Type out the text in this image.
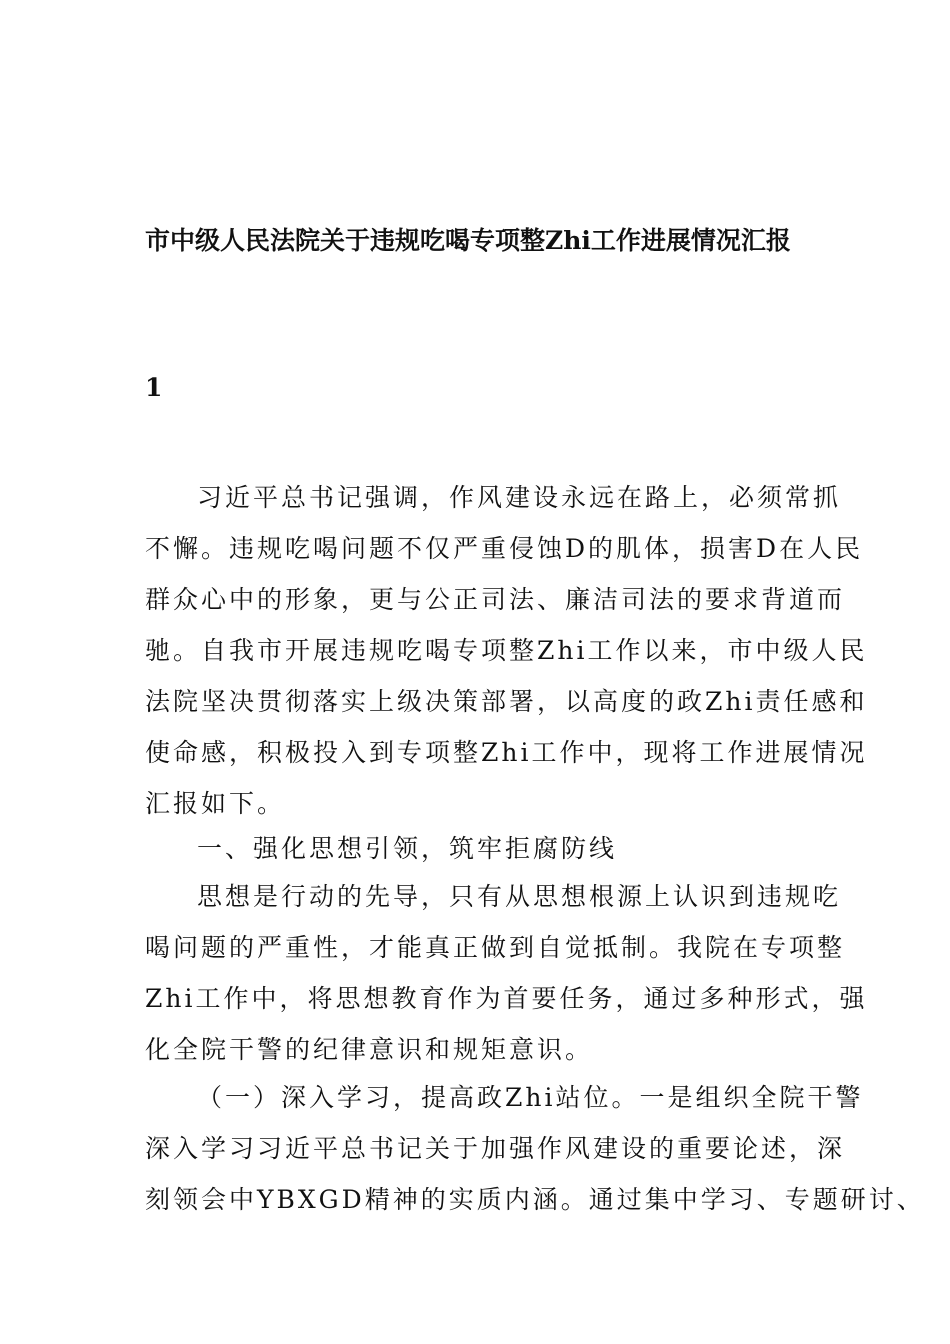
市中级人民法院关于违规吃喝专项整Zhi工作进展情况汇报
1
习近平总书记强调，作风建设永远在路上，必须常抓
不懈。违规吃喝问题不仅严重侵蚀D的肌体，损害D在人民
群众心中的形象，更与公正司法、廉洁司法的要求背道而
驰。自我市开展违规吃喝专项整Zhi工作以来，市中级人民
法院坚决贯彻落实上级决策部署，以高度的政Zhi责任感和
使命感，积极投入到专项整Zhi工作中，现将工作进展情况
汇报如下。
一、强化思想引领，筑牢拒腐防线
思想是行动的先导，只有从思想根源上认识到违规吃
喝问题的严重性，才能真正做到自觉抵制。我院在专项整
Zhi工作中，将思想教育作为首要任务，通过多种形式，强
化全院干警的纪律意识和规矩意识。
（一）深入学习，提高政Zhi站位。一是组织全院干警
深入学习习近平总书记关于加强作风建设的重要论述，深
刻领会中YBXGD精神的实质内涵。通过集中学习、专题研讨、
